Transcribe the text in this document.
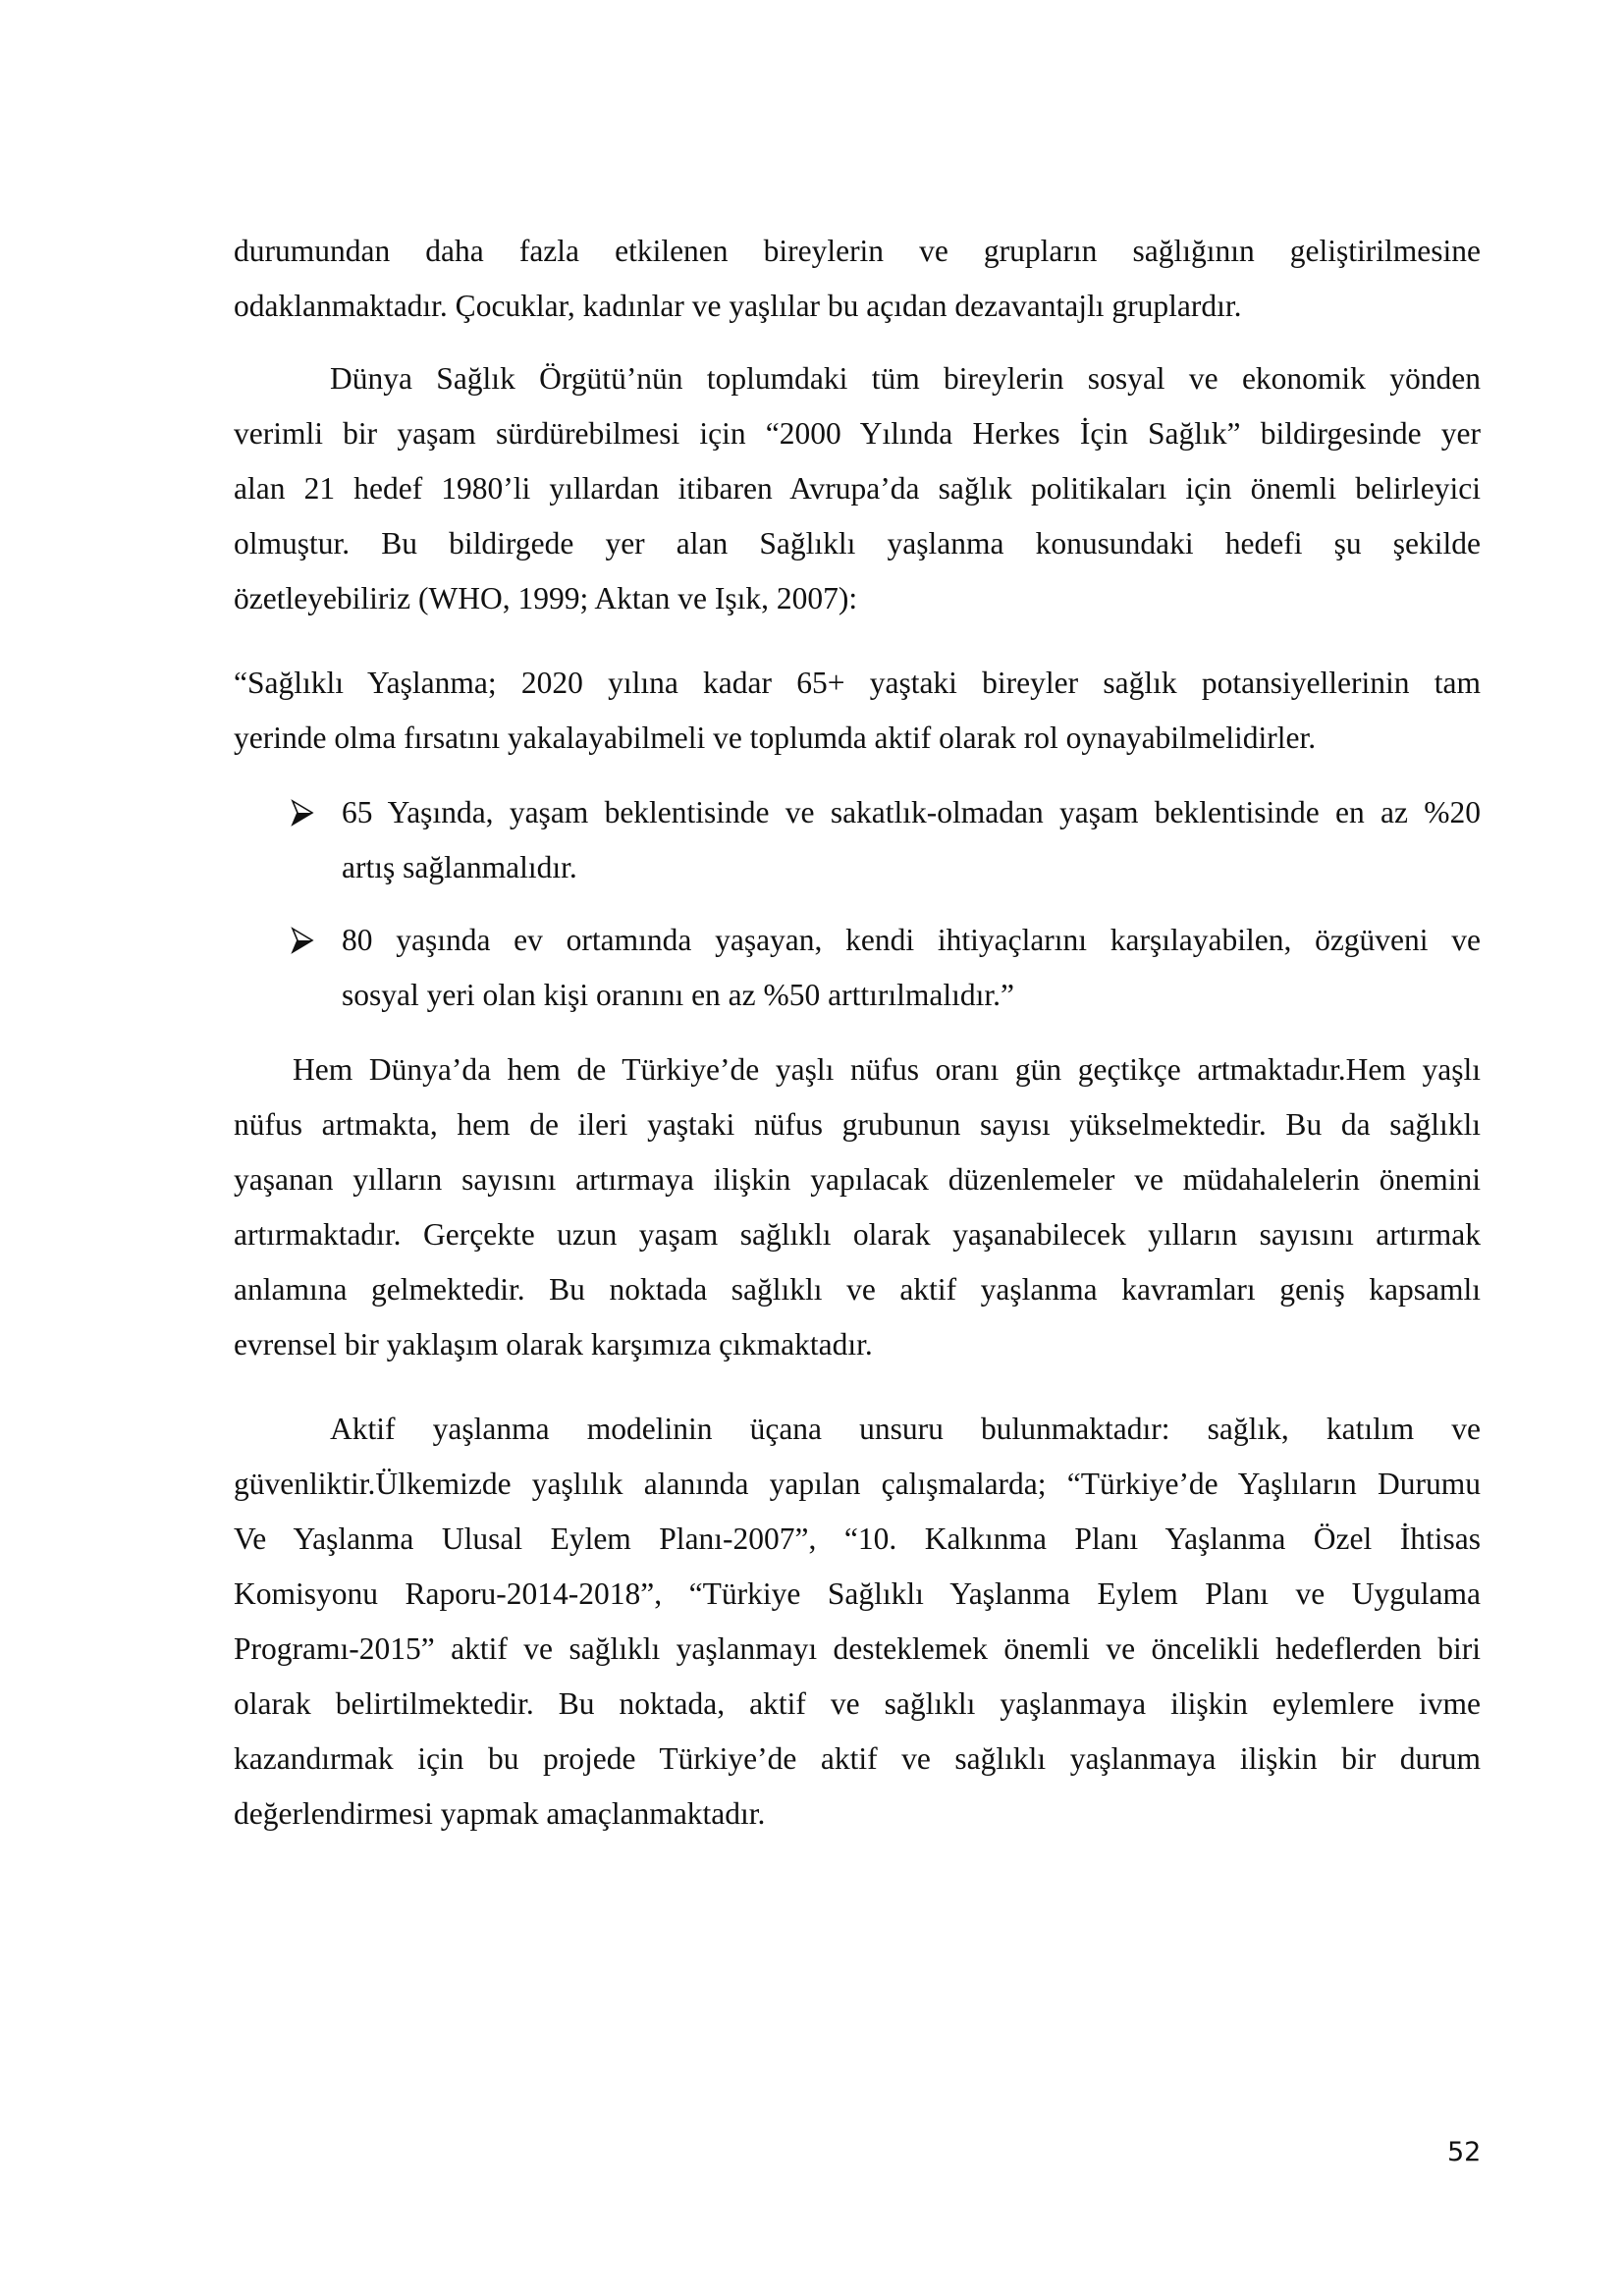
durumundan daha fazla etkilenen bireylerin ve grupların sağlığının geliştirilmesine
odaklanmaktadır. Çocuklar, kadınlar ve yaşlılar bu açıdan dezavantajlı gruplardır.
Dünya Sağlık Örgütü’nün toplumdaki tüm bireylerin sosyal ve ekonomik yönden
verimli bir yaşam sürdürebilmesi için “2000 Yılında Herkes İçin Sağlık” bildirgesinde yer
alan 21 hedef 1980’li yıllardan itibaren Avrupa’da sağlık politikaları için önemli belirleyici
olmuştur. Bu bildirgede yer alan Sağlıklı yaşlanma konusundaki hedefi şu şekilde
özetleyebiliriz (WHO, 1999; Aktan ve Işık, 2007):
“Sağlıklı Yaşlanma; 2020 yılına kadar 65+ yaştaki bireyler sağlık potansiyellerinin tam
yerinde olma fırsatını yakalayabilmeli ve toplumda aktif olarak rol oynayabilmelidirler.
65 Yaşında, yaşam beklentisinde ve sakatlık-olmadan yaşam beklentisinde en az %20
artış sağlanmalıdır.
80 yaşında ev ortamında yaşayan, kendi ihtiyaçlarını karşılayabilen, özgüveni ve
sosyal yeri olan kişi oranını en az %50 arttırılmalıdır.”
Hem Dünya’da hem de Türkiye’de yaşlı nüfus oranı gün geçtikçe artmaktadır.Hem yaşlı
nüfus artmakta, hem de ileri yaştaki nüfus grubunun sayısı yükselmektedir. Bu da sağlıklı
yaşanan yılların sayısını artırmaya ilişkin yapılacak düzenlemeler ve müdahalelerin önemini
artırmaktadır. Gerçekte uzun yaşam sağlıklı olarak yaşanabilecek yılların sayısını artırmak
anlamına gelmektedir. Bu noktada sağlıklı ve aktif yaşlanma kavramları geniş kapsamlı
evrensel bir yaklaşım olarak karşımıza çıkmaktadır.
Aktif yaşlanma modelinin üçana unsuru bulunmaktadır: sağlık, katılım ve
güvenliktir.Ülkemizde yaşlılık alanında yapılan çalışmalarda; “Türkiye’de Yaşlıların Durumu
Ve Yaşlanma Ulusal Eylem Planı-2007”, “10. Kalkınma Planı Yaşlanma Özel İhtisas
Komisyonu Raporu-2014-2018”, “Türkiye Sağlıklı Yaşlanma Eylem Planı ve Uygulama
Programı-2015” aktif ve sağlıklı yaşlanmayı desteklemek önemli ve öncelikli hedeflerden biri
olarak belirtilmektedir. Bu noktada, aktif ve sağlıklı yaşlanmaya ilişkin eylemlere ivme
kazandırmak için bu projede Türkiye’de aktif ve sağlıklı yaşlanmaya ilişkin bir durum
değerlendirmesi yapmak amaçlanmaktadır.
52
